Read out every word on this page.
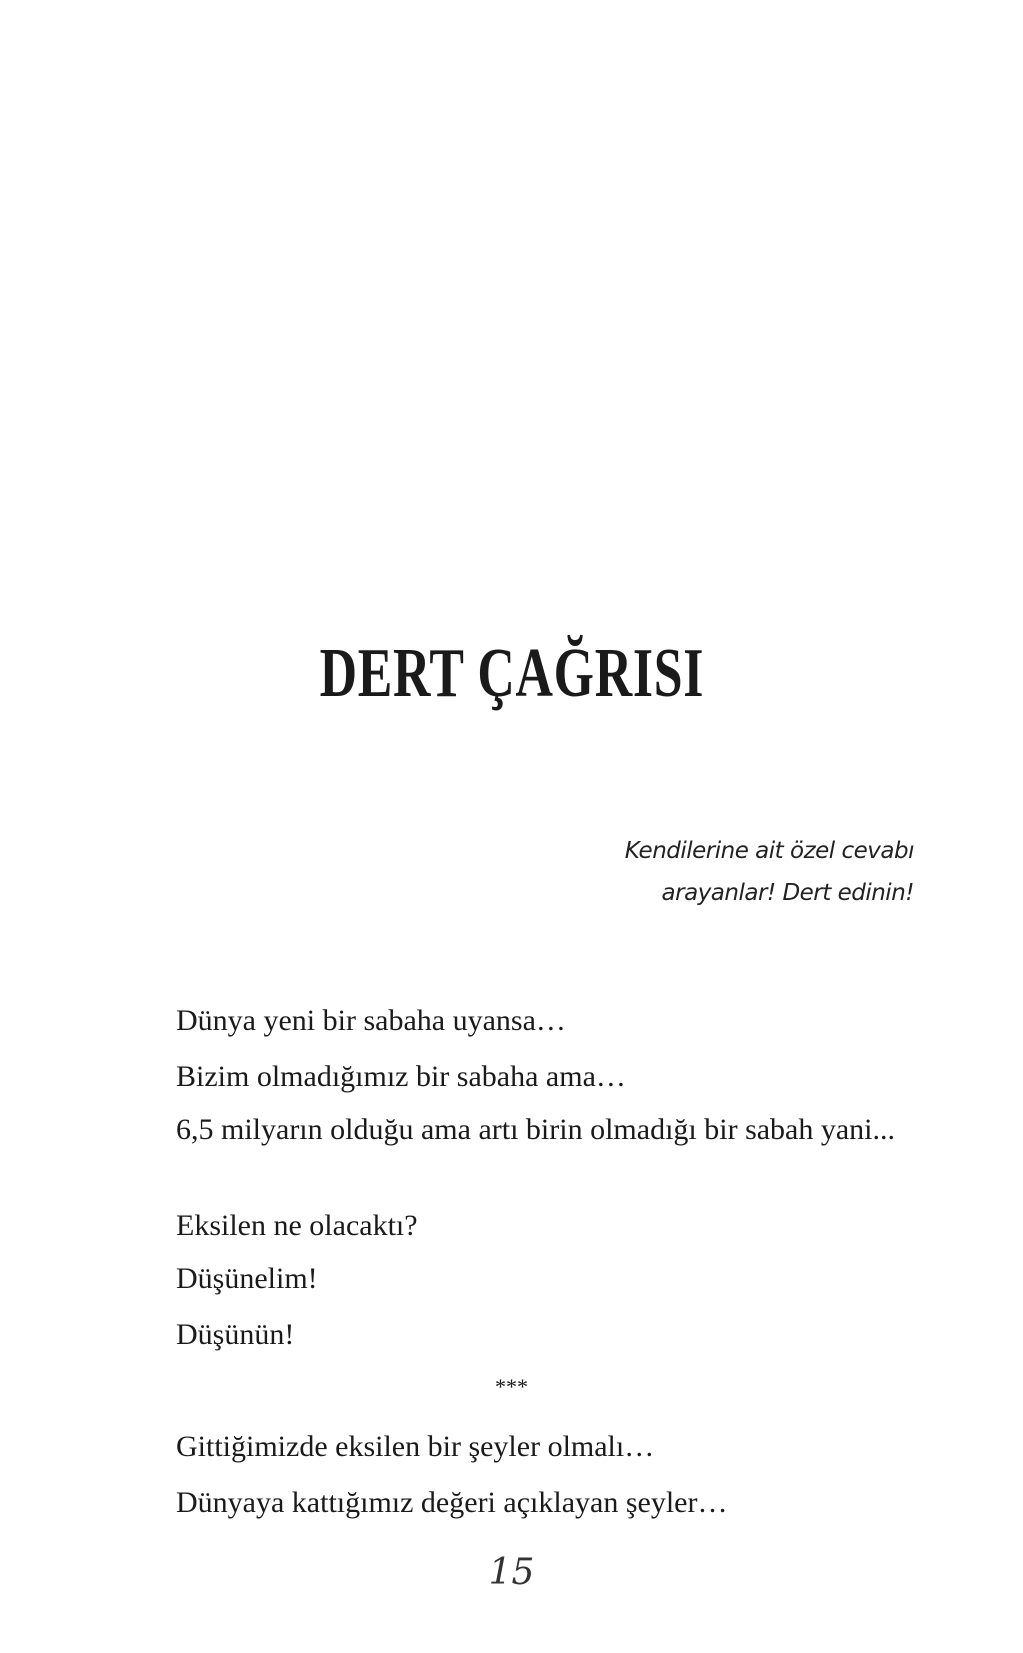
DERT ÇAĞRISI
Kendilerine ait özel cevabı
arayanlar! Dert edinin!
Dünya yeni bir sabaha uyansa…
Bizim olmadığımız bir sabaha ama…
6,5 milyarın olduğu ama artı birin olmadığı bir sabah yani...
Eksilen ne olacaktı?
Düşünelim!
Düşünün!
***
Gittiğimizde eksilen bir şeyler olmalı…
Dünyaya kattığımız değeri açıklayan şeyler…
15
